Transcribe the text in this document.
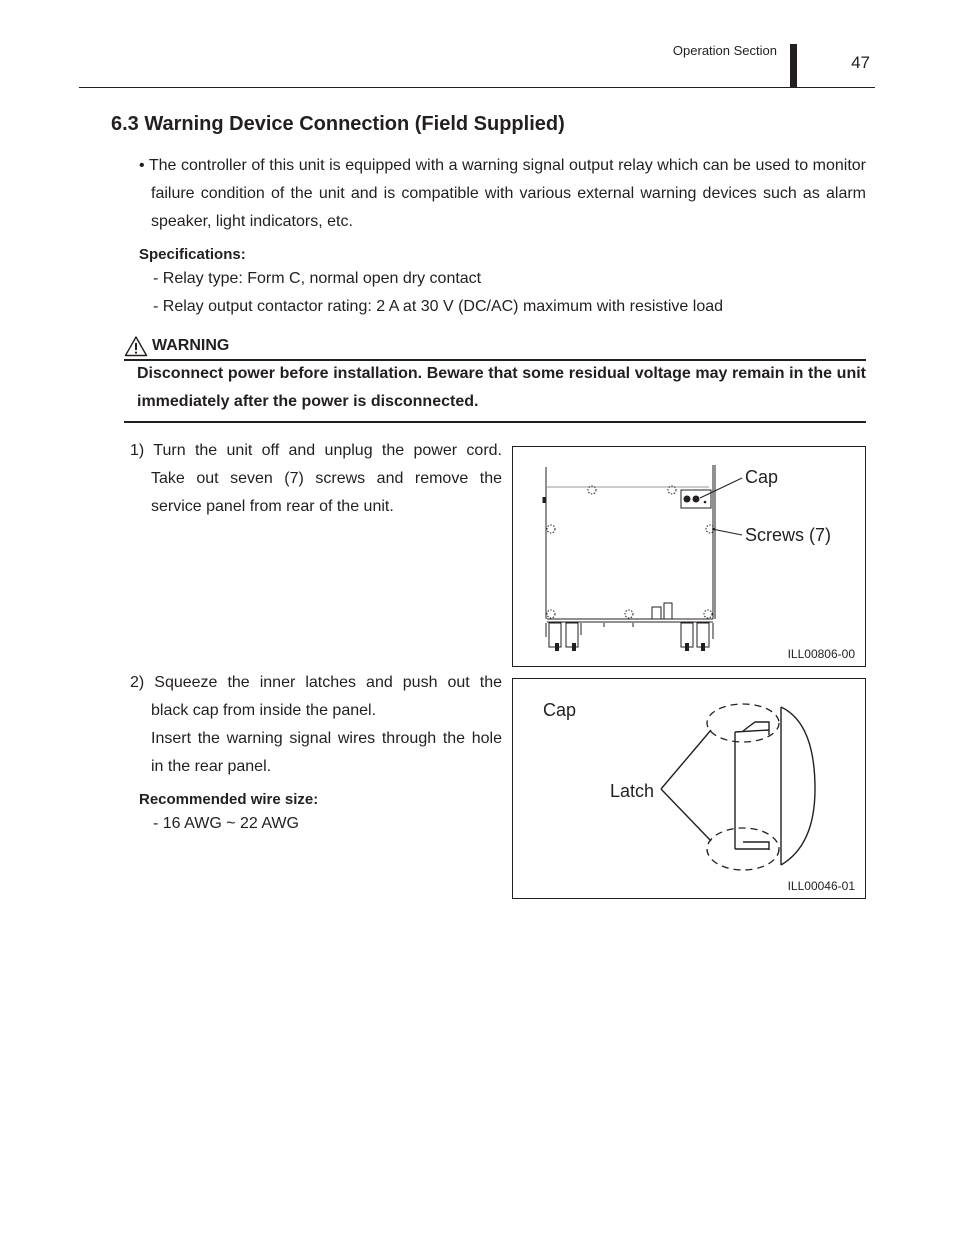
Operation Section
47
6.3 Warning Device Connection (Field Supplied)
• The controller of this unit is equipped with a warning signal output relay which can be used to monitor failure condition of the unit and is compatible with various external warning devices such as alarm speaker, light indicators, etc.
Specifications:
- Relay type: Form C, normal open dry contact
- Relay output contactor rating: 2 A at 30 V (DC/AC) maximum with resistive load
WARNING
Disconnect power before installation. Beware that some residual voltage may remain in the unit immediately after the power is disconnected.
1) Turn the unit off and unplug the power cord.
Take out seven (7) screws and remove the
service panel from rear of the unit.
2) Squeeze the inner latches and push out the
black cap from inside the panel.
Insert the warning signal wires through the hole
in the rear panel.
Recommended wire size:
- 16 AWG ~ 22 AWG
Cap
Screws (7)
ILL00806-00
Cap
Latch
ILL00046-01
